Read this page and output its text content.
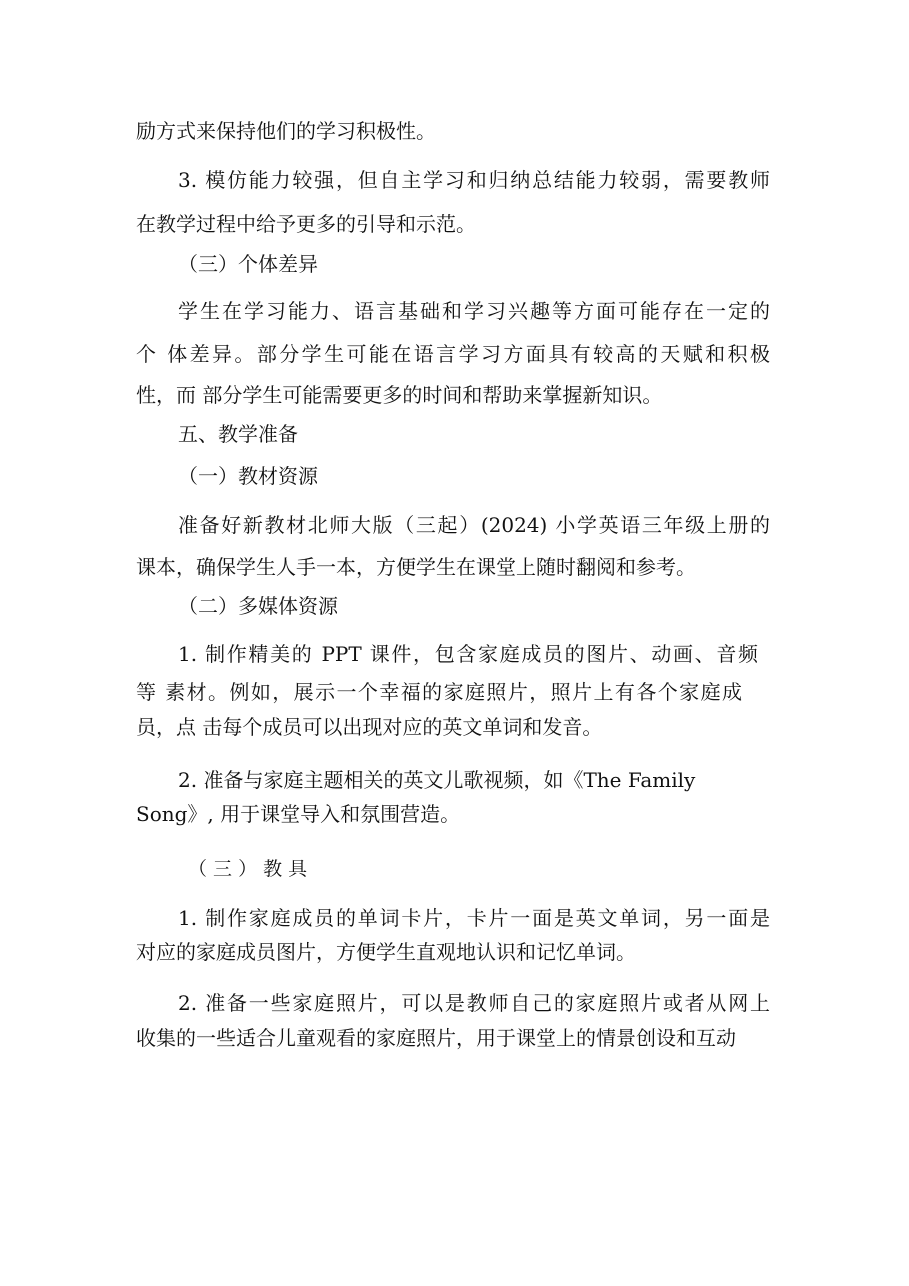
励方式来保持他们的学习积极性。
3. 模仿能力较强，但自主学习和归纳总结能力较弱，需要教师
在教学过程中给予更多的引导和示范。
（三）个体差异
学生在学习能力、语言基础和学习兴趣等方面可能存在一定的
个 体差异。部分学生可能在语言学习方面具有较高的天赋和积极
性，而 部分学生可能需要更多的时间和帮助来掌握新知识。
五、教学准备
（一）教材资源
准备好新教材北师大版（三起）(2024) 小学英语三年级上册的
课本，确保学生人手一本，方便学生在课堂上随时翻阅和参考。
（二）多媒体资源
1. 制作精美的 PPT 课件，包含家庭成员的图片、动画、音频
等 素材。例如，展示一个幸福的家庭照片，照片上有各个家庭成
员，点 击每个成员可以出现对应的英文单词和发音。
2. 准备与家庭主题相关的英文儿歌视频，如《The Family
Song》, 用于课堂导入和氛围营造。
（ 三 ） 教 具
1. 制作家庭成员的单词卡片，卡片一面是英文单词，另一面是
对应的家庭成员图片，方便学生直观地认识和记忆单词。
2. 准备一些家庭照片，可以是教师自己的家庭照片或者从网上
收集的一些适合儿童观看的家庭照片，用于课堂上的情景创设和互动
